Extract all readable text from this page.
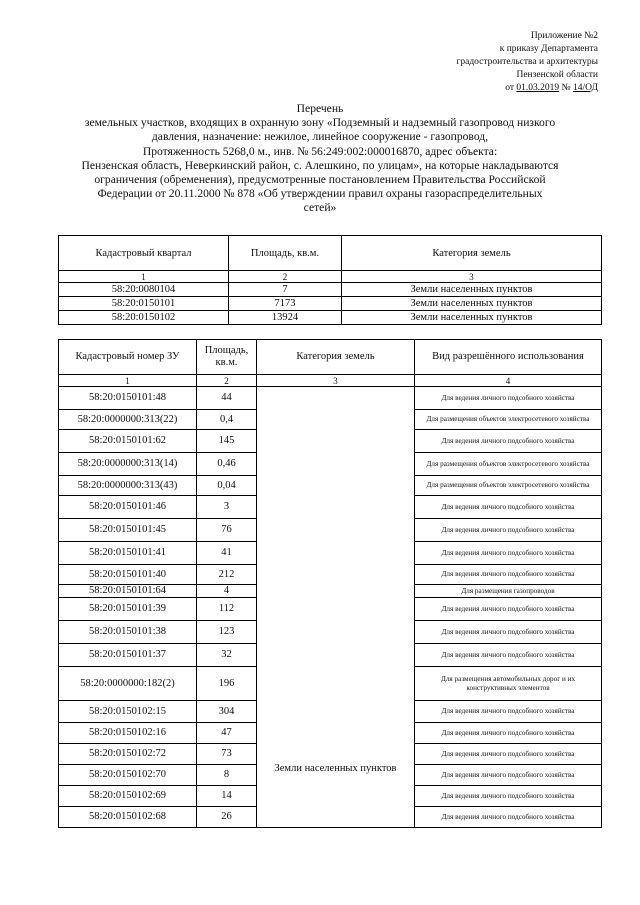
Приложение №2
к приказу Департамента
градостроительства и архитектуры
Пензенской области
от 01.03.2019 № 14/ОД
Перечень
земельных участков, входящих в охранную зону «Подземный и надземный газопровод низкого
давления, назначение: нежилое, линейное сооружение - газопровод,
Протяженность 5268,0 м., инв. № 56:249:002:000016870, адрес объекта:
Пензенская область, Неверкинский район, с. Алешкино, по улицам», на которые накладываются
ограничения (обременения), предусмотренные постановлением Правительства Российской
Федерации от 20.11.2000 № 878 «Об утверждении правил охраны газораспределительных
сетей»
Кадастровый квартал	Площадь, кв.м.	Категория земель
1	2	3
58:20:0080104	7	Земли населенных пунктов
58:20:0150101	7173	Земли населенных пунктов
58:20:0150102	13924	Земли населенных пунктов
Кадастровый номер ЗУ	Площадь, кв.м.	Категория земель	Вид разрешённого использования
1	2	3	4
58:20:0150101:48	44	Земли населенных пунктов	Для ведения личного подсобного хозяйства
58:20:0000000:313(22)	0,4		Для размещения объектов электросетевого хозяйства
58:20:0150101:62	145		Для ведения личного подсобного хозяйства
58:20:0000000:313(14)	0,46		Для размещения объектов электросетевого хозяйства
58:20:0000000:313(43)	0,04		Для размещения объектов электросетевого хозяйства
58:20:0150101:46	3		Для ведения личного подсобного хозяйства
58:20:0150101:45	76		Для ведения личного подсобного хозяйства
58:20:0150101:41	41		Для ведения личного подсобного хозяйства
58:20:0150101:40	212		Для ведения личного подсобного хозяйства
58:20:0150101:64	4		Для размещения газопроводов
58:20:0150101:39	112		Для ведения личного подсобного хозяйства
58:20:0150101:38	123		Для ведения личного подсобного хозяйства
58:20:0150101:37	32		Для ведения личного подсобного хозяйства
58:20:0000000:182(2)	196		Для размещения автомобильных дорог и их конструктивных элементов
58:20:0150102:15	304		Для ведения личного подсобного хозяйства
58:20:0150102:16	47		Для ведения личного подсобного хозяйства
58:20:0150102:72	73		Для ведения личного подсобного хозяйства
58:20:0150102:70	8		Для ведения личного подсобного хозяйства
58:20:0150102:69	14		Для ведения личного подсобного хозяйства
58:20:0150102:68	26		Для ведения личного подсобного хозяйства
